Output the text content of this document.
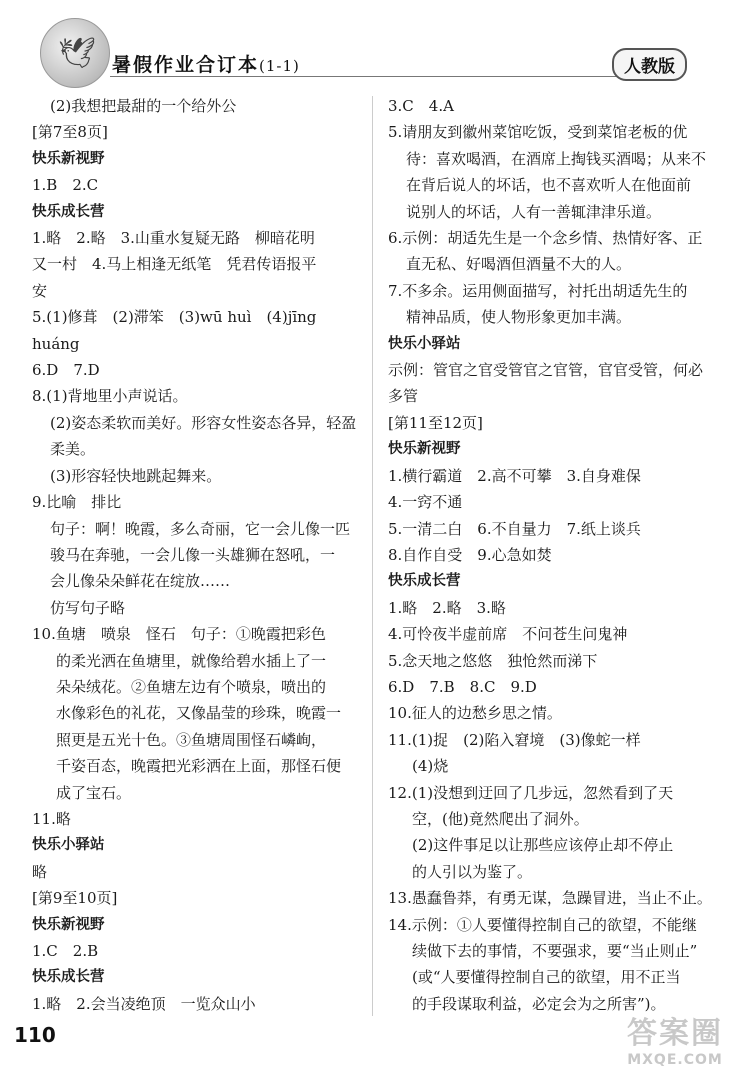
🕊 暑假作业合订本(1-1)	人教版

(2)我想把最甜的一个给外公

[ 第7至8页 ]

快乐新视野

1.B　2.C

快乐成长营

1.略　2.略　3.山重水复疑无路　柳暗花明

又一村　4.马上相逢无纸笔　凭君传语报平

安

5.(1)修葺　(2)滞笨　(3)wū huì　(4)jīng

huáng

6.D　7.D

8.(1)背地里小声说话。

(2)姿态柔软而美好。形容女性姿态各异，轻盈

柔美。

(3)形容轻快地跳起舞来。

9.比喻　排比

句子：啊！晚霞，多么奇丽，它一会儿像一匹

骏马在奔驰，一会儿像一头雄狮在怒吼，一

会儿像朵朵鲜花在绽放……

仿写句子略

10.鱼塘　喷泉　怪石　句子：①晚霞把彩色

的柔光洒在鱼塘里，就像给碧水插上了一

朵朵绒花。②鱼塘左边有个喷泉，喷出的

水像彩色的礼花，又像晶莹的珍珠，晚霞一

照更是五光十色。③鱼塘周围怪石嶙峋，

千姿百态，晚霞把光彩洒在上面，那怪石便

成了宝石。

11.略

快乐小驿站

略

[ 第9至10页 ]

快乐新视野

1.C　2.B

快乐成长营

1.略　2.会当凌绝顶　一览众山小

3.C　4.A

5.请朋友到徽州菜馆吃饭，受到菜馆老板的优

待：喜欢喝酒，在酒席上掏钱买酒喝；从来不

在背后说人的坏话，也不喜欢听人在他面前

说别人的坏话，人有一善辄津津乐道。

6.示例：胡适先生是一个念乡情、热情好客、正

直无私、好喝酒但酒量不大的人。

7.不多余。运用侧面描写，衬托出胡适先生的

精神品质，使人物形象更加丰满。

快乐小驿站

示例：管官之官受管官之官管，官官受管，何必

多管

[ 第11至12页 ]

快乐新视野

1.横行霸道　2.高不可攀　3.自身难保

4.一窍不通

5.一清二白　6.不自量力　7.纸上谈兵

8.自作自受　9.心急如焚

快乐成长营

1.略　2.略　3.略

4.可怜夜半虚前席　不问苍生问鬼神

5.念天地之悠悠　独怆然而涕下

6.D　7.B　8.C　9.D

10.征人的边愁乡思之情。

11.(1)捉　(2)陷入窘境　(3)像蛇一样

(4)烧

12.(1)没想到迂回了几步远，忽然看到了天

空，(他)竟然爬出了洞外。

(2)这件事足以让那些应该停止却不停止

的人引以为鉴了。

13.愚蠢鲁莽，有勇无谋，急躁冒进，当止不止。

14.示例：①人要懂得控制自己的欲望，不能继

续做下去的事情，不要强求，要“当止则止”

(或“人要懂得控制自己的欲望，用不正当

的手段谋取利益，必定会为之所害”)。

110	答案圈
MXQE.COM
